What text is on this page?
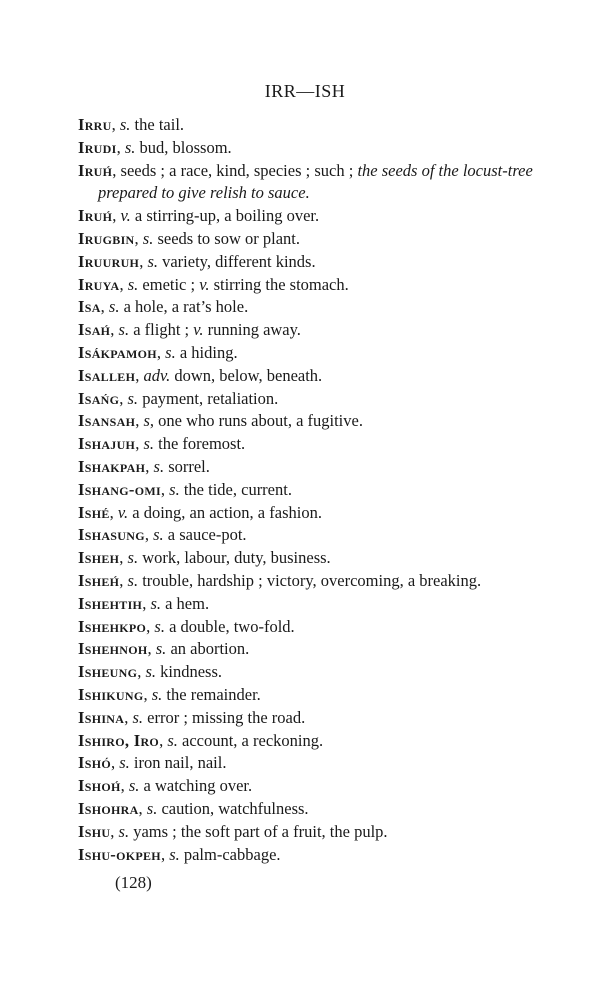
IRR—ISH
Irru, s. the tail.
Irudi, s. bud, blossom.
Iruh́, seeds ; a race, kind, species ; such ; the seeds of the locust-tree prepared to give relish to sauce.
Iruh́, v. a stirring-up, a boiling over.
Irugbin, s. seeds to sow or plant.
Iruuruh, s. variety, different kinds.
Iruya, s. emetic ; v. stirring the stomach.
Isa, s. a hole, a rat’s hole.
Isah́, s. a flight ; v. running away.
Isákpamoh, s. a hiding.
Isalleh, adv. down, below, beneath.
Isańg, s. payment, retaliation.
Isansah, s, one who runs about, a fugitive.
Ishajuh, s. the foremost.
Ishakpah, s. sorrel.
Ishang-omi, s. the tide, current.
Ishé, v. a doing, an action, a fashion.
Ishasung, s. a sauce-pot.
Isheh, s. work, labour, duty, business.
Isheh́, s. trouble, hardship ; victory, overcoming, a breaking.
Ishehtih, s. a hem.
Ishehkpo, s. a double, two-fold.
Ishehnoh, s. an abortion.
Isheung, s. kindness.
Ishikung, s. the remainder.
Ishina, s. error ; missing the road.
Ishiro, Iro, s. account, a reckoning.
Ishó, s. iron nail, nail.
Ishoh́, s. a watching over.
Ishohra, s. caution, watchfulness.
Ishu, s. yams ; the soft part of a fruit, the pulp.
Ishu-okpeh, s. palm-cabbage.
(128)
